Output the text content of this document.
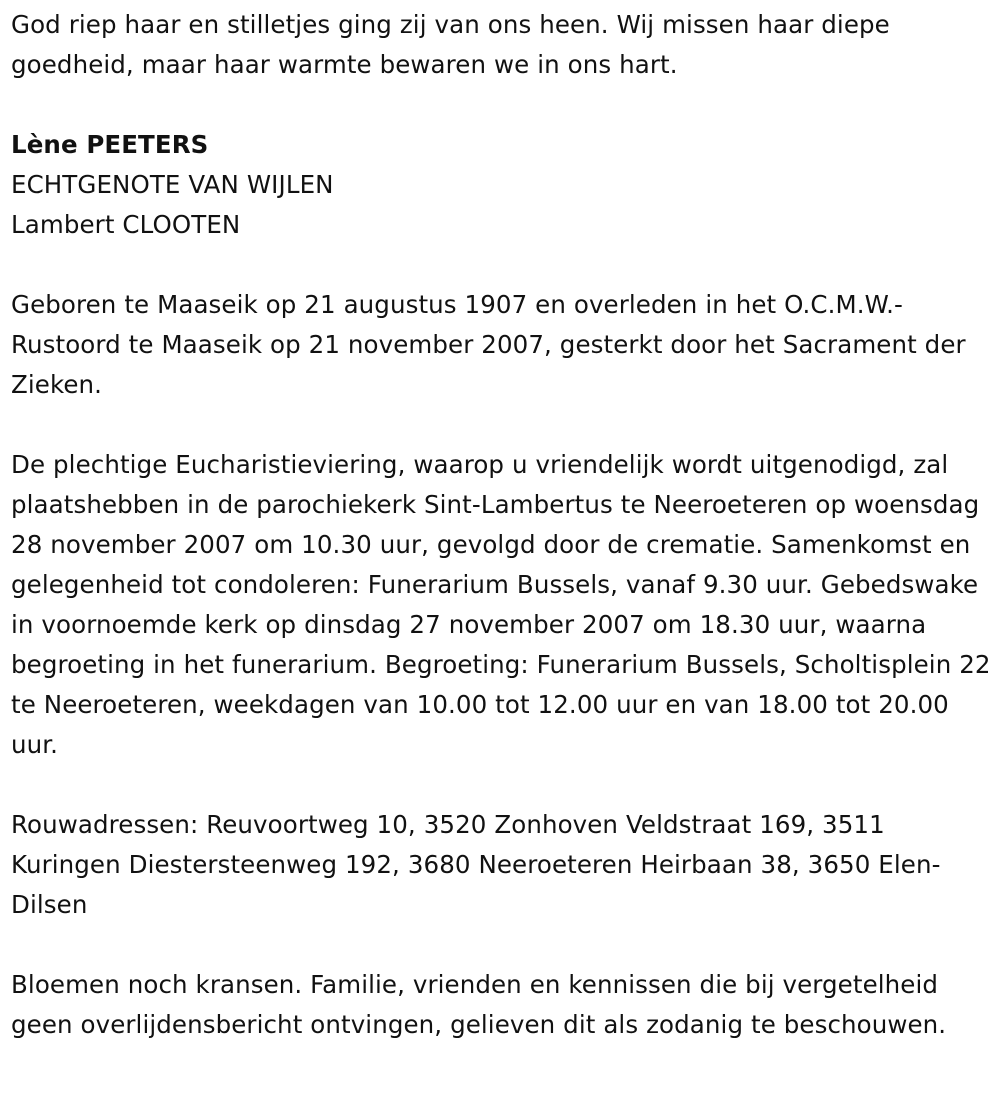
God riep haar en stilletjes ging zij van ons heen. Wij missen haar diepe goedheid, maar haar warmte bewaren we in ons hart.

Lène PEETERS
ECHTGENOTE VAN WIJLEN
Lambert CLOOTEN

Geboren te Maaseik op 21 augustus 1907 en overleden in het O.C.M.W.-Rustoord te Maaseik op 21 november 2007, gesterkt door het Sacrament der Zieken.

De plechtige Eucharistieviering, waarop u vriendelijk wordt uitgenodigd, zal plaatshebben in de parochiekerk Sint-Lambertus te Neeroeteren op woensdag 28 november 2007 om 10.30 uur, gevolgd door de crematie. Samenkomst en gelegenheid tot condoleren: Funerarium Bussels, vanaf 9.30 uur. Gebedswake in voornoemde kerk op dinsdag 27 november 2007 om 18.30 uur, waarna begroeting in het funerarium. Begroeting: Funerarium Bussels, Scholtisplein 22 te Neeroeteren, weekdagen van 10.00 tot 12.00 uur en van 18.00 tot 20.00 uur.

Rouwadressen: Reuvoortweg 10, 3520 Zonhoven Veldstraat 169, 3511 Kuringen Diestersteenweg 192, 3680 Neeroeteren Heirbaan 38, 3650 Elen-Dilsen

Bloemen noch kransen. Familie, vrienden en kennissen die bij vergetelheid geen overlijdensbericht ontvingen, gelieven dit als zodanig te beschouwen.
